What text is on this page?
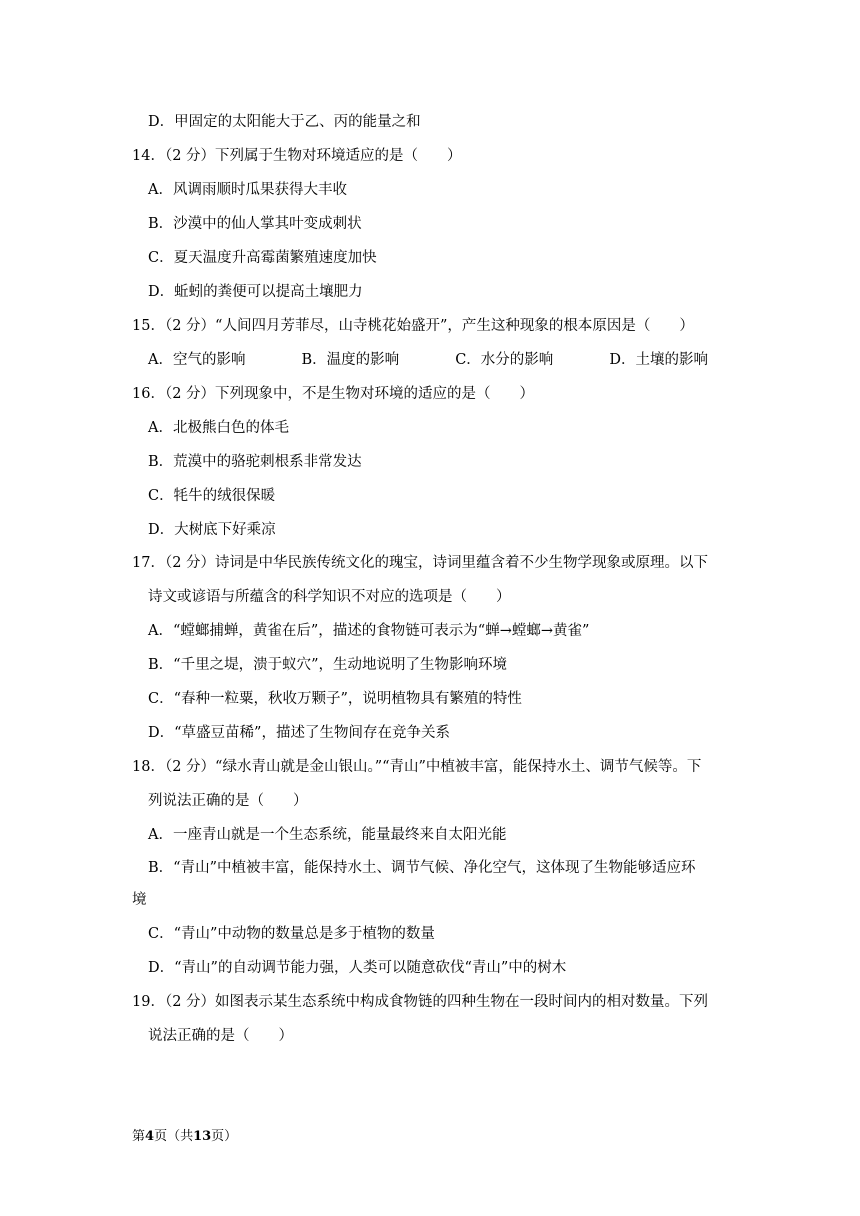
D．甲固定的太阳能大于乙、丙的能量之和
14．（2 分）下列属于生物对环境适应的是（　　）
A．风调雨顺时瓜果获得大丰收
B．沙漠中的仙人掌其叶变成刺状
C．夏天温度升高霉菌繁殖速度加快
D．蚯蚓的粪便可以提高土壤肥力
15．（2 分）“人间四月芳菲尽，山寺桃花始盛开”，产生这种现象的根本原因是（　　）
A．空气的影响	B．温度的影响	C．水分的影响	D．土壤的影响
16．（2 分）下列现象中，不是生物对环境的适应的是（　　）
A．北极熊白色的体毛
B．荒漠中的骆驼刺根系非常发达
C．牦牛的绒很保暖
D．大树底下好乘凉
17．（2 分）诗词是中华民族传统文化的瑰宝，诗词里蕴含着不少生物学现象或原理。以下
诗文或谚语与所蕴含的科学知识不对应的选项是（　　）
A．“螳螂捕蝉，黄雀在后”，描述的食物链可表示为“蝉→螳螂→黄雀”
B．“千里之堤，溃于蚁穴”，生动地说明了生物影响环境
C．“春种一粒粟，秋收万颗子”，说明植物具有繁殖的特性
D．“草盛豆苗稀”，描述了生物间存在竞争关系
18．（2 分）“绿水青山就是金山银山。”“青山”中植被丰富，能保持水土、调节气候等。下
列说法正确的是（　　）
A．一座青山就是一个生态系统，能量最终来自太阳光能
B．“青山”中植被丰富，能保持水土、调节气候、净化空气，这体现了生物能够适应环
境
C．“青山”中动物的数量总是多于植物的数量
D．“青山”的自动调节能力强，人类可以随意砍伐“青山”中的树木
19．（2 分）如图表示某生态系统中构成食物链的四种生物在一段时间内的相对数量。下列
说法正确的是（　　）
第4页（共13页）
